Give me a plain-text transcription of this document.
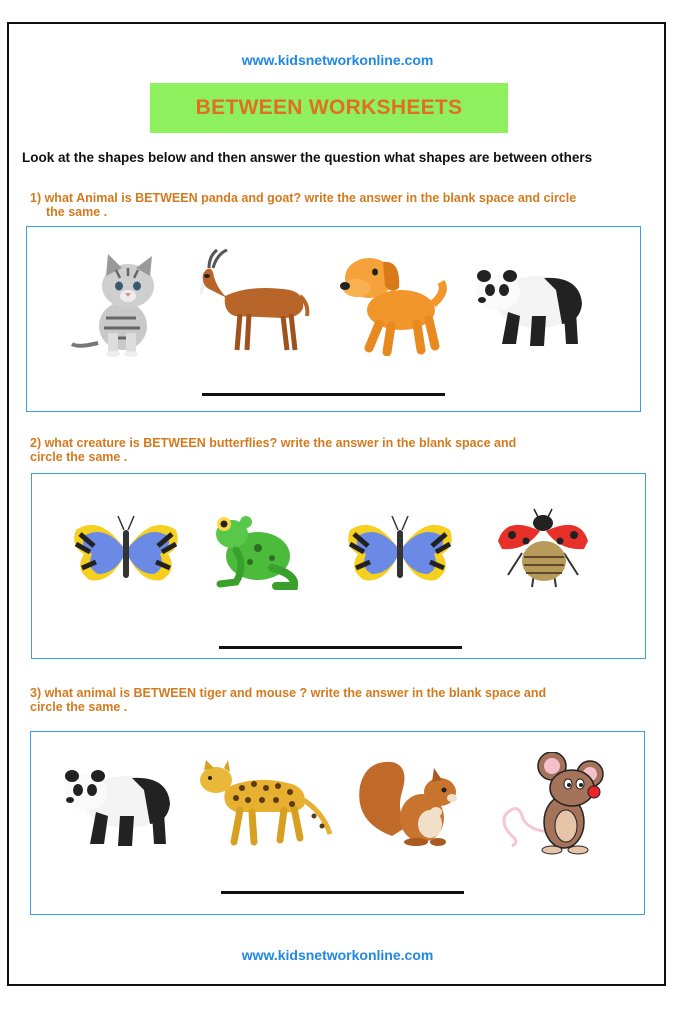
www.kidsnetworkonline.com
BETWEEN WORKSHEETS
Look at the shapes below and then answer the question what shapes are between others
1) what Animal is BETWEEN panda and goat? write the answer in the blank space and circle
the same .
2) what creature is BETWEEN butterflies? write the answer in the blank space and
circle the same .
3) what animal is BETWEEN tiger and mouse ? write the answer in the blank space and
circle the same .
www.kidsnetworkonline.com
